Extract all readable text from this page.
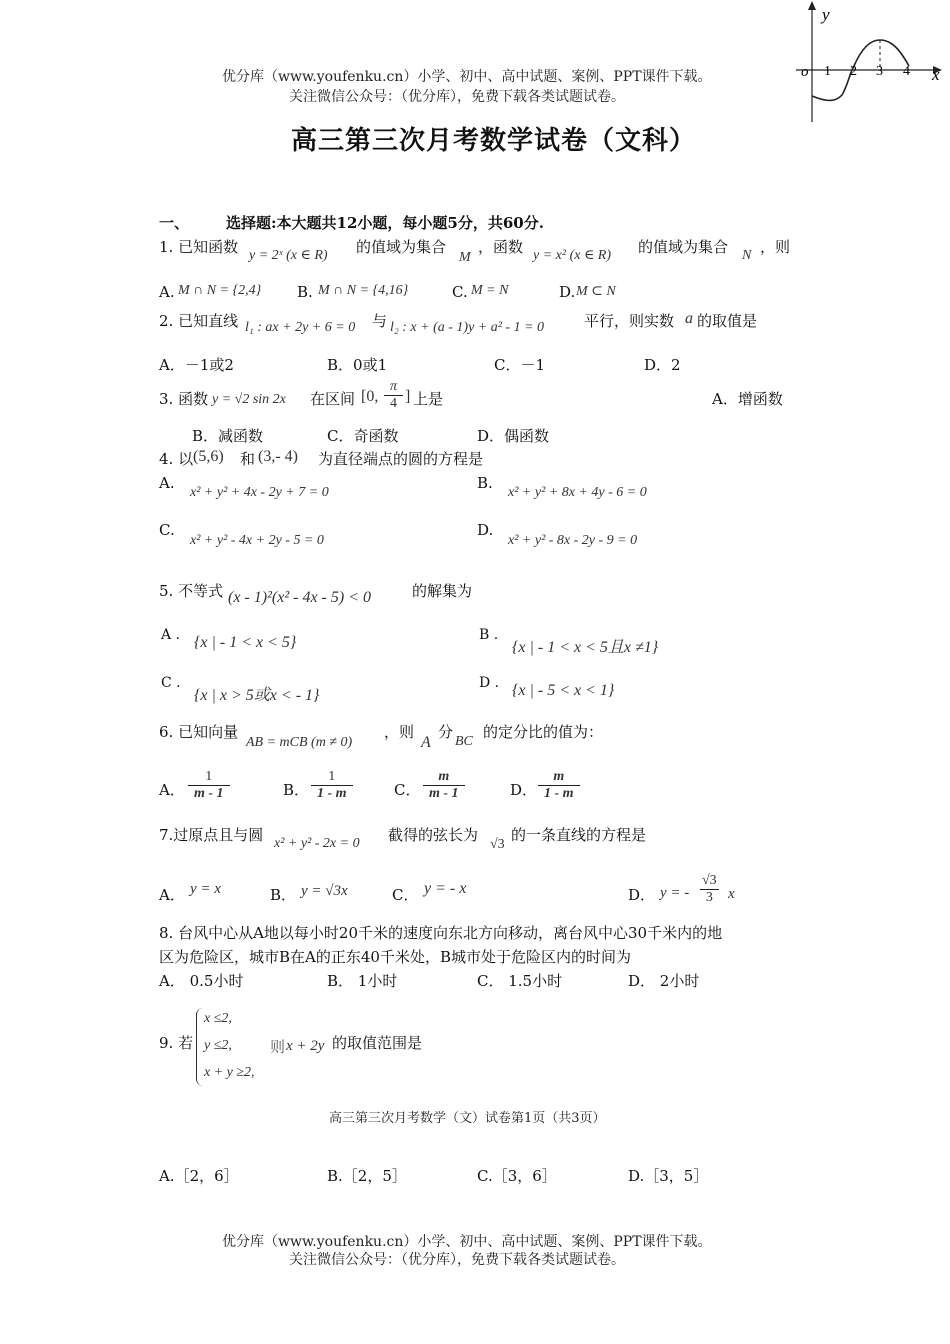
优分库（www.youfenku.cn）小学、初中、高中试题、案例、PPT课件下载。
关注微信公众号：（优分库），免费下载各类试题试卷。
y
x
o 1 2 3 4
高三第三次月考数学试卷（文科）
一、 选择题:本大题共12小题，每小题5分，共60分.
1. 已知函数 y = 2ˣ (x ∈ R) 的值域为集合
M
，函数 y = x² (x ∈ R) 的值域为集合 N ，则
A. M ∩ N = {2,4} B. M ∩ N = {4,16}	C. M = N	D. M ⊂ N
2. 已知直线 l₁ : ax + 2y + 6 = 0 与 l₂ : x + (a - 1)y + a² - 1 = 0	平行，则实数 a 的取值是
A．－1或2	B．0或1	C．－1	D．2
3. 函数 y = √2 sin 2x 在区间 [0, $\frac{\pi}{4}$ ] 上是	A．增函数
B．减函数	C．奇函数	D．偶函数
4. 以 (5,6) 和 (3,- 4) 为直径端点的圆的方程是
A.
x² + y² + 4x - 2y + 7 = 0
B.
x² + y² + 8x + 4y - 6 = 0
C.
x² + y² - 4x + 2y - 5 = 0
D.
x² + y² - 8x - 2y - 9 = 0
5. 不等式 (x - 1)²(x² - 4x - 5) < 0	的解集为
A . {x | - 1 < x < 5}	B .
{x | - 1 < x < 5且x ≠1}
C .
{x | x > 5或x < - 1}
D . {x | - 5 < x < 1}
6. 已知向量
AB = mCB (m ≠ 0)
，则
A
分
BC
的定分比的值为：
A． $\frac{1}{m - 1}$	B． $\frac{1}{1 - m}$	C． $\frac{m}{m - 1}$	D． $\frac{m}{1 - m}$
7.过原点且与圆 x² + y² - 2x = 0 截得的弦长为
√3
的一条直线的方程是
A． y = x	B． y = √3x	C． y = - x	D． y = - $\frac{√3}{3}$ x
8. 台风中心从A地以每小时20千米的速度向东北方向移动，离台风中心30千米内的地
区为危险区，城市B在A的正东40千米处，B城市处于危险区内的时间为
A． 0.5小时	B． 1小时	C． 1.5小时	D． 2小时
9. 若
x ≤2,
y ≤2,
x + y ≥2,
则 x + 2y 的取值范围是
高三第三次月考数学（文）试卷第1页（共3页）
A.［2，6］	B.［2，5］	C.［3，6］	D.［3，5］
优分库（www.youfenku.cn）小学、初中、高中试题、案例、PPT课件下载。
关注微信公众号：（优分库），免费下载各类试题试卷。
